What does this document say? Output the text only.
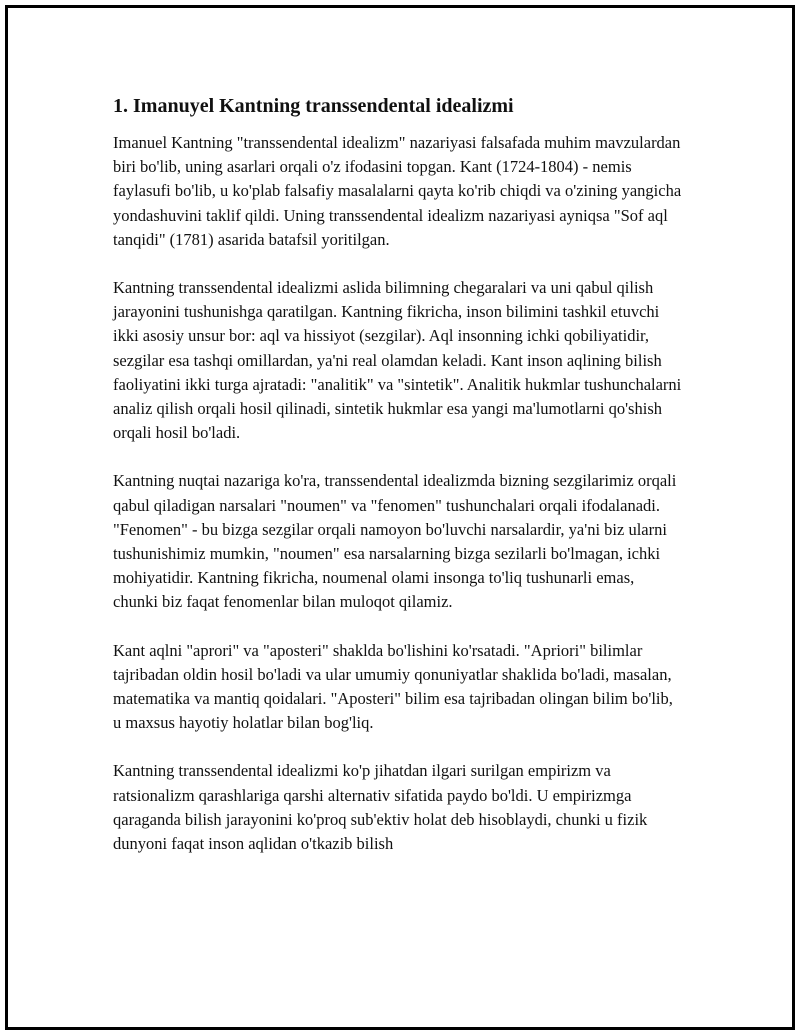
1. Imanuyel Kantning transsendental idealizmi

Imanuel Kantning "transsendental idealizm" nazariyasi falsafada muhim mavzulardan biri bo'lib, uning asarlari orqali o'z ifodasini topgan. Kant (1724-1804) - nemis faylasufi bo'lib, u ko'plab falsafiy masalalarni qayta ko'rib chiqdi va o'zining yangicha yondashuvini taklif qildi. Uning transsendental idealizm nazariyasi ayniqsa "Sof aql tanqidi" (1781) asarida batafsil yoritilgan.

Kantning transsendental idealizmi aslida bilimning chegaralari va uni qabul qilish jarayonini tushunishga qaratilgan. Kantning fikricha, inson bilimini tashkil etuvchi ikki asosiy unsur bor: aql va hissiyot (sezgilar). Aql insonning ichki qobiliyatidir, sezgilar esa tashqi omillardan, ya'ni real olamdan keladi. Kant inson aqlining bilish faoliyatini ikki turga ajratadi: "analitik" va "sintetik". Analitik hukmlar tushunchalarni analiz qilish orqali hosil qilinadi, sintetik hukmlar esa yangi ma'lumotlarni qo'shish orqali hosil bo'ladi.

Kantning nuqtai nazariga ko'ra, transsendental idealizmda bizning sezgilarimiz orqali qabul qiladigan narsalari "noumen" va "fenomen" tushunchalari orqali ifodalanadi. "Fenomen" - bu bizga sezgilar orqali namoyon bo'luvchi narsalardir, ya'ni biz ularni tushunishimiz mumkin, "noumen" esa narsalarning bizga sezilarli bo'lmagan, ichki mohiyatidir. Kantning fikricha, noumenal olami insonga to'liq tushunarli emas, chunki biz faqat fenomenlar bilan muloqot qilamiz.

Kant aqlni "aprori" va "aposteri" shaklda bo'lishini ko'rsatadi. "Apriori" bilimlar tajribadan oldin hosil bo'ladi va ular umumiy qonuniyatlar shaklida bo'ladi, masalan, matematika va mantiq qoidalari. "Aposteri" bilim esa tajribadan olingan bilim bo'lib, u maxsus hayotiy holatlar bilan bog'liq.

Kantning transsendental idealizmi ko'p jihatdan ilgari surilgan empirizm va ratsionalizm qarashlariga qarshi alternativ sifatida paydo bo'ldi. U empirizmga qaraganda bilish jarayonini ko'proq sub'ektiv holat deb hisoblaydi, chunki u fizik dunyoni faqat inson aqlidan o'tkazib bilish
